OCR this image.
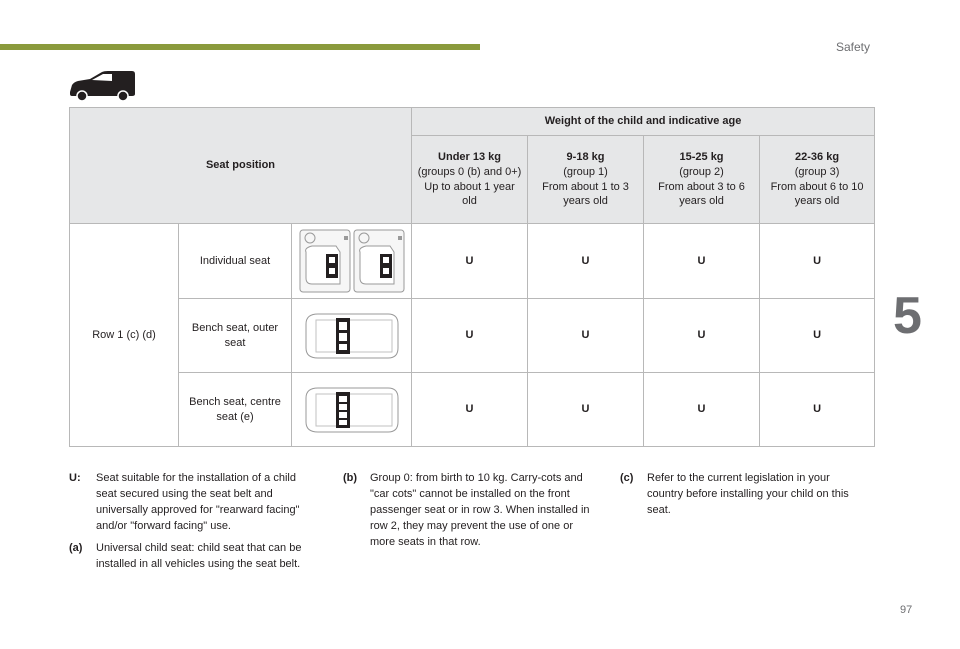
Safety
5
97
Seat position			Weight of the child and indicative age			

			Under 13 kg
(groups 0 (b) and 0+)
Up to about 1 year old	9-18 kg
(group 1)
From about 1 to 3 years old	15-25 kg
(group 2)
From about 3 to 6 years old	22-36 kg
(group 3)
From about 6 to 10 years old
Row 1 (c) (d)	Individual seat		U	U	U	U
	Bench seat, outer seat		U	U	U	U
	Bench seat, centre seat (e)		U	U	U	U
U:	Seat suitable for the installation of a child seat secured using the seat belt and universally approved for "rearward facing" and/or "forward facing" use.
(a)	Universal child seat: child seat that can be installed in all vehicles using the seat belt.
(b)	Group 0: from birth to 10 kg. Carry-cots and "car cots" cannot be installed on the front passenger seat or in row 3. When installed in row 2, they may prevent the use of one or more seats in that row.
(c)	Refer to the current legislation in your country before installing your child on this seat.
